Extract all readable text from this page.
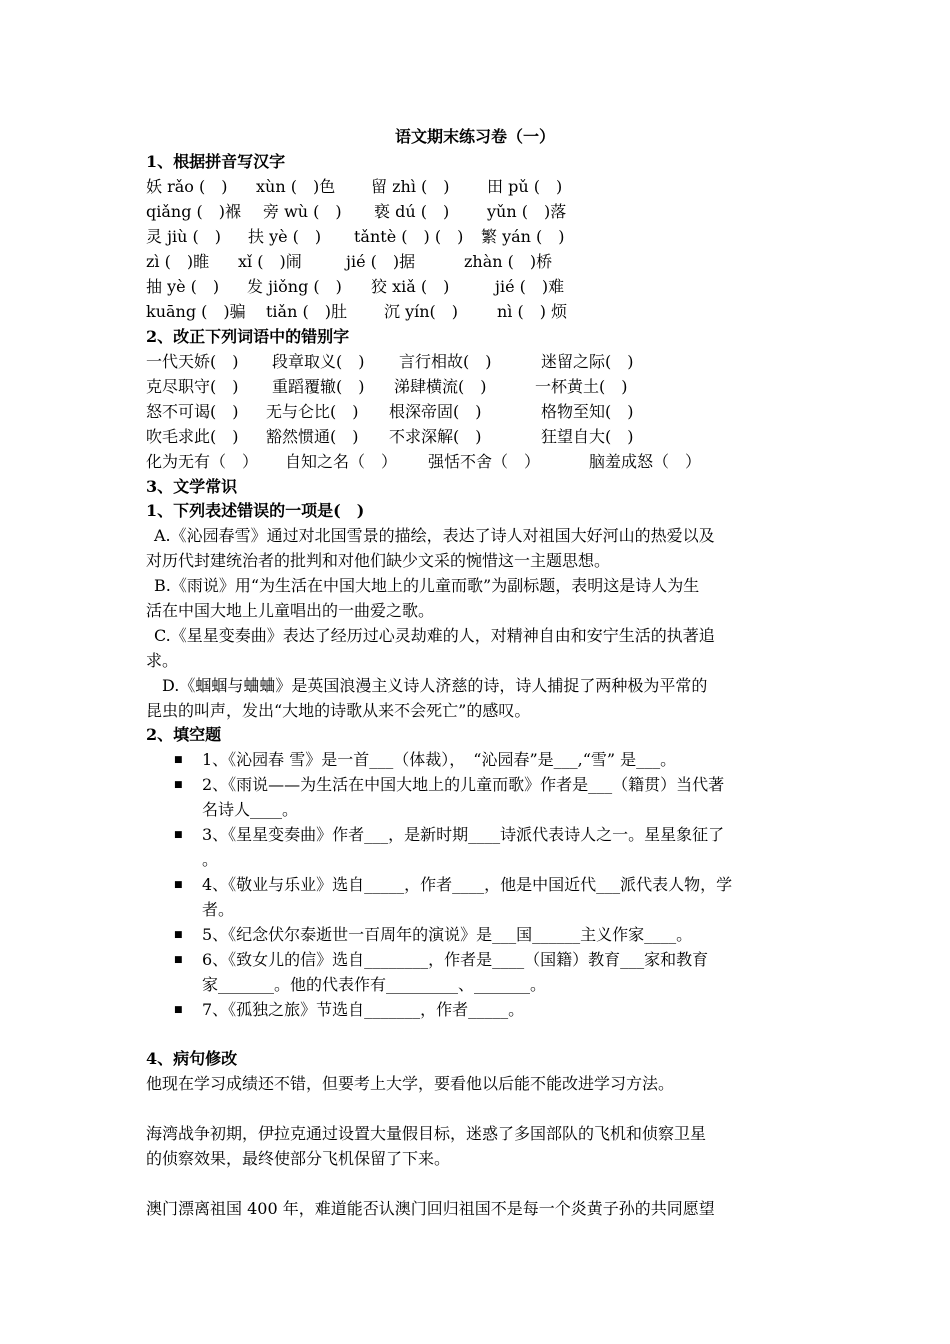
语文期末练习卷（一）
1、根据拼音写汉字
妖 rǎo (　) xùn (　)色 留 zhì (　) 田 pǔ (　)
qiǎng (　)褓 旁 wù (　) 亵 dú (　) yǔn (　)落
灵 jiù (　) 扶 yè (　) tǎntè (　) (　) 繁 yán (　)
zì (　)睢 xǐ (　)闹	jié (　)据	zhàn (　)桥
抽 yè (　) 发 jiǒng (　) 狡 xiǎ (　)	jié (　)难
kuāng (　)骗 tiǎn (　)肚 沉 yín(　) nì (　) 烦
2、改正下列词语中的错别字
一代天娇(　) 段章取义(　) 言行相故(　)	迷留之际(　)
克尽职守(　) 重蹈覆辙(　) 涕肆横流(　)	一杯黄土(　)
怒不可谒(　) 无与仑比(　) 根深帝固(　)	格物至知(　)
吹毛求此(　) 豁然惯通(　) 不求深解(　)	狂望自大(　)
化为无有（　） 自知之名（　） 强恬不舍（　）	脑羞成怒（　）
3、文学常识
1、下列表述错误的一项是(　)
A.《沁园春雪》通过对北国雪景的描绘，表达了诗人对祖国大好河山的热爱以及
对历代封建统治者的批判和对他们缺少文采的惋惜这一主题思想。
B.《雨说》用“为生活在中国大地上的儿童而歌”为副标题，表明这是诗人为生
活在中国大地上儿童唱出的一曲爱之歌。
C.《星星变奏曲》表达了经历过心灵劫难的人，对精神自由和安宁生活的执著追
求。
D.《蝈蝈与蛐蛐》是英国浪漫主义诗人济慈的诗，诗人捕捉了两种极为平常的
昆虫的叫声，发出“大地的诗歌从来不会死亡”的感叹。
2、填空题
■ 1、《沁园春 雪》是一首___（体裁），　“沁园春”是___,“雪” 是___。
■ 2、《雨说——为生活在中国大地上的儿童而歌》作者是___（籍贯）当代著
名诗人____。
■ 3、《星星变奏曲》作者___，是新时期____诗派代表诗人之一。星星象征了
。
■ 4、《敬业与乐业》选自_____，作者____，他是中国近代___派代表人物，学
者。
■ 5、《纪念伏尔泰逝世一百周年的演说》是___国______主义作家____。
■ 6、《致女儿的信》选自________，作者是____（国籍）教育___家和教育
家_______。他的代表作有_________、_______。
■ 7、《孤独之旅》节选自_______，作者_____。
4、病句修改
他现在学习成绩还不错，但要考上大学，要看他以后能不能改进学习方法。
海湾战争初期，伊拉克通过设置大量假目标，迷惑了多国部队的飞机和侦察卫星
的侦察效果，最终使部分飞机保留了下来。
澳门漂离祖国 400 年，难道能否认澳门回归祖国不是每一个炎黄子孙的共同愿望
